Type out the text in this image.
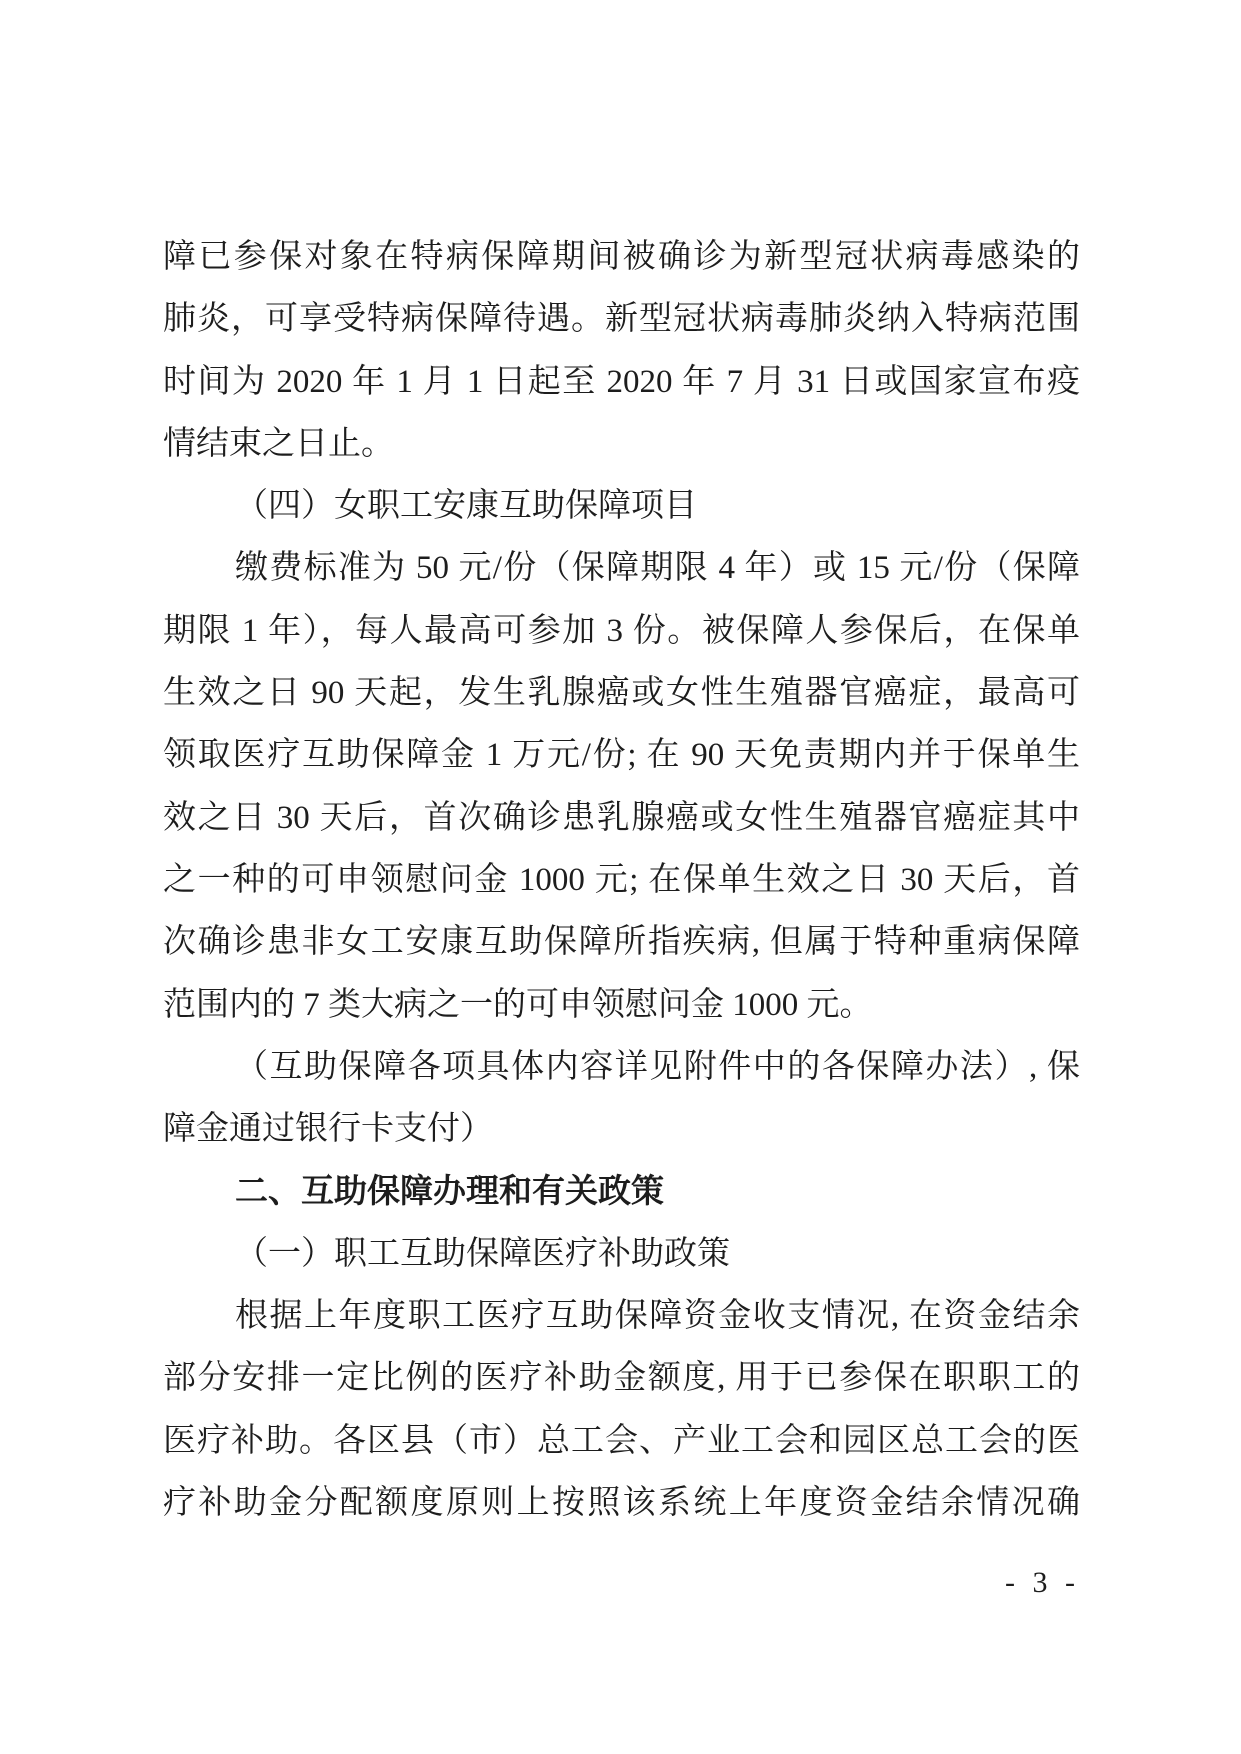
障已参保对象在特病保障期间被确诊为新型冠状病毒感染的
肺炎，可享受特病保障待遇。新型冠状病毒肺炎纳入特病范围
时间为 2020 年 1 月 1 日起至 2020 年 7 月 31 日或国家宣布疫
情结束之日止。
（四）女职工安康互助保障项目
缴费标准为 50 元/份（保障期限 4 年）或 15 元/份（保障
期限 1 年），每人最高可参加 3 份。被保障人参保后，在保单
生效之日 90 天起，发生乳腺癌或女性生殖器官癌症，最高可
领取医疗互助保障金 1 万元/份; 在 90 天免责期内并于保单生
效之日 30 天后，首次确诊患乳腺癌或女性生殖器官癌症其中
之一种的可申领慰问金 1000 元; 在保单生效之日 30 天后，首
次确诊患非女工安康互助保障所指疾病, 但属于特种重病保障
范围内的 7 类大病之一的可申领慰问金 1000 元。
（互助保障各项具体内容详见附件中的各保障办法）, 保
障金通过银行卡支付）
二、互助保障办理和有关政策
（一）职工互助保障医疗补助政策
根据上年度职工医疗互助保障资金收支情况, 在资金结余
部分安排一定比例的医疗补助金额度, 用于已参保在职职工的
医疗补助。各区县（市）总工会、产业工会和园区总工会的医
疗补助金分配额度原则上按照该系统上年度资金结余情况确
- 3 -
